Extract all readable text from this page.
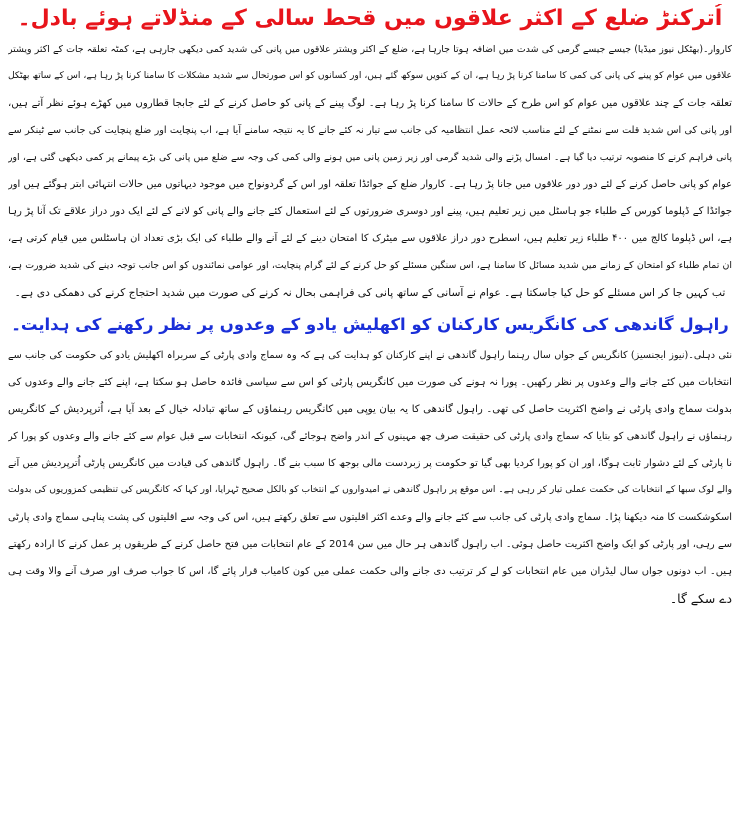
اُترکنڑ ضلع کے اکثر علاقوں میں قحط سالی کے منڈلاتے ہوئے بادل۔
کاروار۔(بھٹکل نیوز میڈیا) جیسے جیسے گرمی کی شدت میں اضافہ ہوتا جارہا ہے، ضلع کے اکثر ویشتر علاقوں میں پانی کی شدید کمی دیکھی جارہی ہے، کمٹہ تعلقہ جات کے اکثر ویشتر
علاقوں میں عوام کو پینے کی پانی کی کمی کا سامنا کرنا پڑ رہا ہے، ان کے کنویں سوکھ گئے ہیں، اور کسانوں کو اس صورتحال سے شدید مشکلات کا سامنا کرنا پڑ رہا ہے، اس کے ساتھ بھٹکل
تعلقہ جات کے چند علاقوں میں عوام کو اس طرح کے حالات کا سامنا کرنا پڑ رہا ہے۔ لوگ پینے کے پانی کو حاصل کرنے کے لئے جابجا قطاروں میں کھڑے ہوئے نظر آتے ہیں،
اور پانی کی اس شدید قلت سے نمٹنے کے لئے مناسب لائحہ عمل انتظامیہ کی جانب سے تیار نہ کئے جانے کا یہ نتیجہ سامنے آیا ہے، اب پنچایت اور ضلع پنچایت کی جانب سے ٹینکر سے
پانی فراہم کرنے کا منصوبہ ترتیب دیا گیا ہے۔ امسال پڑنے والی شدید گرمی اور زیر زمین پانی میں ہونے والی کمی کی وجہ سے ضلع میں پانی کی بڑے پیمانے پر کمی دیکھی گئی ہے، اور
عوام کو پانی حاصل کرنے کے لئے دور دور علاقوں میں جانا پڑ رہا ہے۔ کاروار ضلع کے جوائڈا تعلقہ اور اس کے گردونواح میں موجود دیہاتوں میں حالات انتہائی ابتر ہوگئے ہیں اور
جوائڈا کے ڈپلوما کورس کے طلباء جو ہاسٹل میں زیر تعلیم ہیں، پینے اور دوسری ضرورتوں کے لئے استعمال کئے جانے والے پانی کو لانے کے لئے ایک دور دراز علاقے تک آنا پڑ رہا
ہے، اس ڈپلوما کالج میں ۴۰۰ طلباء زیر تعلیم ہیں، اسطرح دور دراز علاقوں سے میٹرک کا امتحان دینے کے لئے آنے والے طلباء کی ایک بڑی تعداد ان ہاسٹلس میں قیام کرتی ہے،
ان تمام طلباء کو امتحان کے زمانے میں شدید مسائل کا سامنا ہے، اس سنگین مسئلے کو حل کرنے کے لئے گرام پنچایت، اور عوامی نمائندوں کو اس جانب توجہ دینے کی شدید ضرورت ہے،
تب کہیں جا کر اس مسئلے کو حل کیا جاسکتا ہے۔ عوام نے آسانی کے ساتھ پانی کی فراہمی بحال نہ کرنے کی صورت میں شدید احتجاج کرنے کی دھمکی دی ہے۔
راہول گاندھی کی کانگریس کارکنان کو اکھلیش یادو کے وعدوں پر نظر رکھنے کی ہدایت۔
نئی دہلی۔(نیوز ایجنسیز) کانگریس کے جواں سال رہنما راہول گاندھی نے اپنے کارکنان کو ہدایت کی ہے کہ وہ سماج وادی پارٹی کے سربراہ اکھلیش یادو کی حکومت کی جانب سے
انتخابات میں کئے جانے والے وعدوں پر نظر رکھیں۔ پورا نہ ہونے کی صورت میں کانگریس پارٹی کو اس سے سیاسی فائدہ حاصل ہو سکتا ہے، اپنے کئے جانے والے وعدوں کی
بدولت سماج وادی پارٹی نے واضح اکثریت حاصل کی تھی۔ راہول گاندھی کا یہ بیان یوپی میں کانگریس رہنماؤں کے ساتھ تبادلہ خیال کے بعد آیا ہے، اُترپردیش کے کانگریس
رہنماؤں نے راہول گاندھی کو بتایا کہ سماج وادی پارٹی کی حقیقت صرف چھ مہینوں کے اندر واضح ہوجائے گی، کیونکہ انتخابات سے قبل عوام سے کئے جانے والے وعدوں کو پورا کر
نا پارٹی کے لئے دشوار ثابت ہوگا، اور ان کو پورا کردیا بھی گیا تو حکومت پر زبردست مالی بوجھ کا سبب بنے گا۔ راہول گاندھی کی قیادت میں کانگریس پارٹی اُترپردیش میں آنے
والے لوک سبھا کے انتخابات کی حکمت عملی تیار کر رہی ہے۔ اس موقع پر راہول گاندھی نے امیدواروں کے انتخاب کو بالکل صحیح ٹہرایا، اور کہا کہ کانگریس کی تنظیمی کمزوریوں کی بدولت
اسکوشکست کا منہ دیکھنا پڑا۔ سماج وادی پارٹی کی جانب سے کئے جانے والے وعدے اکثر اقلیتوں سے تعلق رکھتے ہیں، اس کی وجہ سے اقلیتوں کی پشت پناہی سماج وادی پارٹی
سے رہی، اور پارٹی کو ایک واضح اکثریت حاصل ہوئی۔ اب راہول گاندھی ہر حال میں سن 2014 کے عام انتخابات میں فتح حاصل کرنے کے طریقوں پر عمل کرنے کا ارادہ رکھتے
ہیں۔ اب دونوں جواں سال لیڈران میں عام انتخابات کو لے کر ترتیب دی جانے والی حکمت عملی میں کون کامیاب قرار پائے گا، اس کا جواب صرف اور صرف آنے والا وقت ہی
دے سکے گا۔
